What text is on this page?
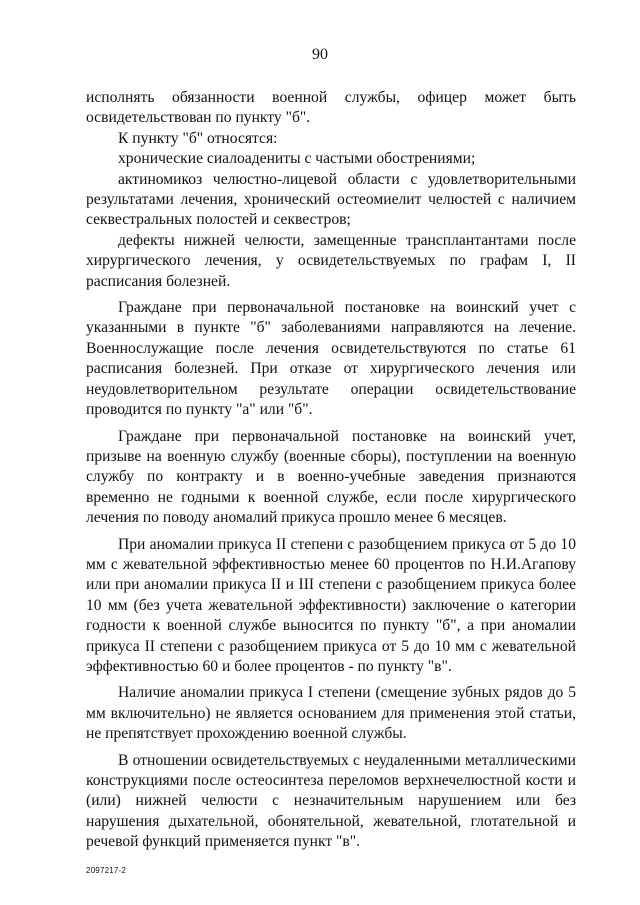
90

исполнять обязанности военной службы, офицер может быть освидетельствован по пункту "б".

К пункту "б" относятся:

хронические сиалоадениты с частыми обострениями;

актиномикоз челюстно-лицевой области с удовлетворительными результатами лечения, хронический остеомиелит челюстей с наличием секвестральных полостей и секвестров;

дефекты нижней челюсти, замещенные трансплантантами после хирургического лечения, у освидетельствуемых по графам I, II расписания болезней.

Граждане при первоначальной постановке на воинский учет с указанными в пункте "б" заболеваниями направляются на лечение. Военнослужащие после лечения освидетельствуются по статье 61 расписания болезней. При отказе от хирургического лечения или неудовлетворительном результате операции освидетельствование проводится по пункту "а" или "б".

Граждане при первоначальной постановке на воинский учет, призыве на военную службу (военные сборы), поступлении на военную службу по контракту и в военно-учебные заведения признаются временно не годными к военной службе, если после хирургического лечения по поводу аномалий прикуса прошло менее 6 месяцев.

При аномалии прикуса II степени с разобщением прикуса от 5 до 10 мм с жевательной эффективностью менее 60 процентов по Н.И.Агапову или при аномалии прикуса II и III степени с разобщением прикуса более 10 мм (без учета жевательной эффективности) заключение о категории годности к военной службе выносится по пункту "б", а при аномалии прикуса II степени с разобщением прикуса от 5 до 10 мм с жевательной эффективностью 60 и более процентов - по пункту "в".

Наличие аномалии прикуса I степени (смещение зубных рядов до 5 мм включительно) не является основанием для применения этой статьи, не препятствует прохождению военной службы.

В отношении освидетельствуемых с неудаленными металлическими конструкциями после остеосинтеза переломов верхнечелюстной кости и (или) нижней челюсти с незначительным нарушением или без нарушения дыхательной, обонятельной, жевательной, глотательной и речевой функций применяется пункт "в".

2097217-2
